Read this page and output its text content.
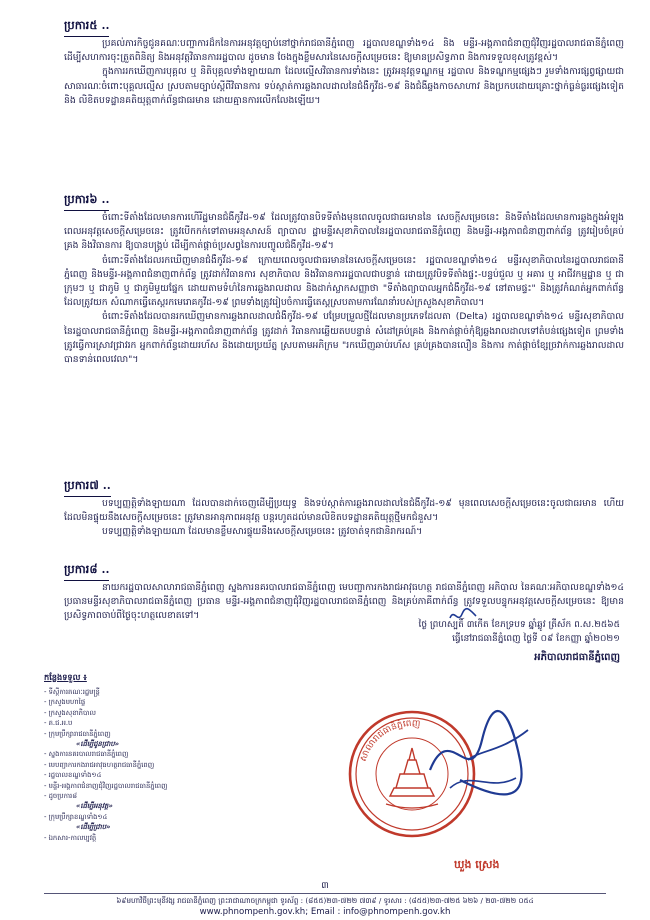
ប្រការ៥ ..

ប្រគល់ភារកិច្ចជូនគណៈបញ្ជាការដ៏កនៃការអនុវត្តច្បាប់នៅថ្នាក់រាជធានីភ្នំពេញ រដ្ឋបាលខណ្ឌទាំង១៤ និង មន្ទីរ-អង្គភាពជំនាញជុំវិញរដ្ឋបាលរាជធានីភ្នំពេញ ដើម្បីសហការចុះត្រួតពិនិត្យ និងអនុវត្តវិធានការរដ្ឋបាល ដូចមាន ចែងក្នុងខ្លឹមសារនៃសេចក្តីសម្រេចនេះ ឱ្យមានប្រសិទ្ធភាព និងការទទួលខុសត្រូវខ្ពស់។

ក្នុងការរកឃើញការបុគ្គល ឬ និតិបុគ្គលទាំងឡាយណា ដែលល្មើសវិធានការទាំងនេះ ត្រូវអនុវត្តទណ្ឌកម្ម រដ្ឋបាល និងទណ្ឌកម្មផ្សេងៗ រួមទាំងការផ្សព្វផ្សាយជាសាធារណៈចំពោះបុគ្គលល្មើស ស្របតាមច្បាប់ស្តីពីវិធានការ ទប់ស្កាត់ការឆ្លងរាលដាលនៃជំងឺកូវីដ-១៩ និងជំងឺឆ្លងកាចសាហាវ និងប្រកបដោយគ្រោះថ្នាក់ធ្ងន់ធ្ងរផ្សេងទៀត និង លិខិតបទដ្ឋានគតិយុត្តពាក់ព័ន្ធជាធរមាន ដោយគ្មានការលើកលែងឡើយ។

ប្រការ៦ ..

ចំពោះទីតាំងដែលមានការហើរីដ្ឋមានជំងឺកូវីដ-១៩ ដែលត្រូវបានបិទទីតាំងមុនពេលចូលជាធរមាននៃ សេចក្តីសម្រេចនេះ និងទីតាំងដែលមានការឆ្លងក្នុងអំឡុងពេលអនុវត្តសេចក្តីសម្រេចនេះ ត្រូវបើកកក់ទៅតាមអនុសាសន៍ ព្យាបាល ដ្ឋាមន្ទីរសុខាភិបាលនៃរដ្ឋបាលរាជធានីភ្នំពេញ និងមន្ទីរ-អង្គភាពជំនាញពាក់ព័ន្ធ ត្រូវរៀបចំគ្រប់គ្រង និងវិធានការ ឱ្យបានបង្គ្រប់ ដើម្បីកាត់ផ្តាច់ប្រសព្វនៃការបញ្ចូលជំងឺកូវីដ-១៩។

ចំពោះទីតាំងដែលរកឃើញមានជំងឺកូវីដ-១៩ ក្រោយពេលចូលជាធរមាននៃសេចក្តីសម្រេចនេះ រដ្ឋបាលខណ្ឌទាំង១៤ មន្ទីរសុខាភិបាលនៃរដ្ឋបាលរាជធានីភ្នំពេញ និងមន្ទីរ-អង្គភាពជំនាញពាក់ព័ន្ធ ត្រូវដាក់វិធានការ សុខាភិបាល និងវិធានការរដ្ឋបាលជាបន្ទាន់ ដោយត្រូវបិទទីតាំងផ្ទះ-បន្ទប់ជួល ឬ អគារ ឬ អាជីវកម្មដ្ឋាន ឬ ជាក្រុមៗ ឬ ជាភូមិ ឬ ជាភូមិមួយផ្នែក ដោយតាមទំហំនៃការឆ្លងរាលដាល និងដាក់ស្លាកសញ្ញាថា "ទីតាំងព្យាបាលអ្នកជំងឺកូវីដ-១៩ នៅតាមផ្ទះ" និងត្រូវកំណត់អ្នកពាក់ព័ន្ធដែលត្រូវយក សំណាកធ្វើតេស្តរកមេរោគកូវីដ-១៩ ព្រមទាំងត្រូវរៀបចំការធ្វើតេស្តស្របតាមការណែនាំរបស់ក្រសួងសុខាភិបាល។

ចំពោះទីតាំងដែលបានរកឃើញមានការឆ្លងរាលដាលជំងឺកូវីដ-១៩ បម្រែបម្រួលថ្មីដែលមានប្រភេទដែលតា (Delta) រដ្ឋបាលខណ្ឌទាំង១៤ មន្ទីរសុខាភិបាលនៃរដ្ឋបាលរាជធានីភ្នំពេញ និងមន្ទីរ-អង្គភាពជំនាញពាក់ព័ន្ធ ត្រូវដាក់ វិធានការឆ្លើយតបបន្ទាន់ សំដៅគ្រប់គ្រង និងកាត់ផ្តាច់កុំឱ្យឆ្លងរាលដាលទៅតំបន់ផ្សេងទៀត ព្រមទាំងត្រូវធ្វើការស្រាវជ្រាវរក អ្នកពាក់ព័ន្ធដោយរហ័ស និងដោយប្រយ័ត្ន ស្របតាមអភិក្រម "រកឃើញឆាប់រហ័ស គ្រប់គ្រងបានលឿន និងការ កាត់ផ្តាច់ខ្សែច្រវាក់ការឆ្លងរាលដាលបានទាន់ពេលវេលា"។

ប្រការ៧ ..

បទប្បញ្ញត្តិទាំងឡាយណា ដែលបានដាក់ចេញដើម្បីប្រយុទ្ធ និងទប់ស្កាត់ការឆ្លងរាលដាលនៃជំងឺកូវីដ-១៩ មុនពេលសេចក្តីសម្រេចនេះចូលជាធរមាន ហើយដែលមិនផ្ទុយនឹងសេចក្តីសម្រេចនេះ ត្រូវមានអានុភាពអនុវត្ត បន្តរហូតដល់មានលិខិតបទដ្ឋានគតិយុត្តថ្មីមកជំនួស។

បទប្បញ្ញត្តិទាំងឡាយណា ដែលមានខ្លឹមសារផ្ទុយនឹងសេចក្តីសម្រេចនេះ ត្រូវចាត់ទុកជានិរាករណ៍។

ប្រការ៨ ..

នាយករដ្ឋបាលសាលារាជធានីភ្នំពេញ ស្នងការនគរបាលរាជធានីភ្នំពេញ មេបញ្ជាការកងរាជអាវុធហត្ថ រាជធានីភ្នំពេញ អភិបាល នៃគណៈអភិបាលខណ្ឌទាំង១៤ ប្រធានមន្ទីរសុខាភិបាលរាជធានីភ្នំពេញ ប្រធាន មន្ទីរ-អង្គភាពជំនាញជុំវិញរដ្ឋបាលរាជធានីភ្នំពេញ និងគ្រប់ភាគីពាក់ព័ន្ធ ត្រូវទទួលបន្ទុកអនុវត្តសេចក្តីសម្រេចនេះ ឱ្យមានប្រសិទ្ធភាពចាប់ពីថ្ងៃចុះហត្ថលេខាតទៅ។

ថ្ងៃ ព្រហស្បតិ៍ ៣កើត ខែភទ្របទ ឆ្នាំឆ្លូវ ត្រីស័ក ព.ស.២៥៦៥
ធ្វើនៅរាជធានីភ្នំពេញ ថ្ងៃទី ០៩ ខែកញ្ញា ឆ្នាំ២០២១
អភិបាលរាជធានីភ្នំពេញ
សាលារាជធានីភ្នំពេញ
ឃួង ស្រេង
កន្លែងទទួល ៖
- ទីស្តីការគណៈរដ្ឋមន្ត្រី
- ក្រសួងមហាផ្ទៃ
- ក្រសួងសុខាភិបាល
- គ.ជ.អ.ប
- ក្រុមប្រឹក្សារាជធានីភ្នំពេញ
«ដើម្បីជូនជ្រាប»
- ស្នងការនគរបាលរាជធានីភ្នំពេញ
- មេបញ្ជាការកងរាជអាវុធហត្ថរាជធានីភ្នំពេញ
- រដ្ឋបាលខណ្ឌទាំង១៤
- មន្ទីរ-អង្គភាពជំនាញជុំវិញរដ្ឋបាលរាជធានីភ្នំពេញ
- ដូចប្រការ៨
«ដើម្បីអនុវត្ត»
- ក្រុមប្រឹក្សាខណ្ឌទាំង១៤
«ដើម្បីជ្រាប»
- ឯកសារ-កាលប្បវត្តិ
៣
៦៩មហាវិថីព្រះមុនីវង្ស រាជធានីភ្នំពេញ ព្រះរាជាណាចក្រកម្ពុជា ទូរស័ព្ទ : (៨៥៥)២៣-៧២២ ៧៣៩ / ទូរសារ : (៨៥៥)២៣-៧២៥ ៦២៦ / ២៣-៧២២ ០៥៤
www.phnompenh.gov.kh; Email : info@phnompenh.gov.kh
